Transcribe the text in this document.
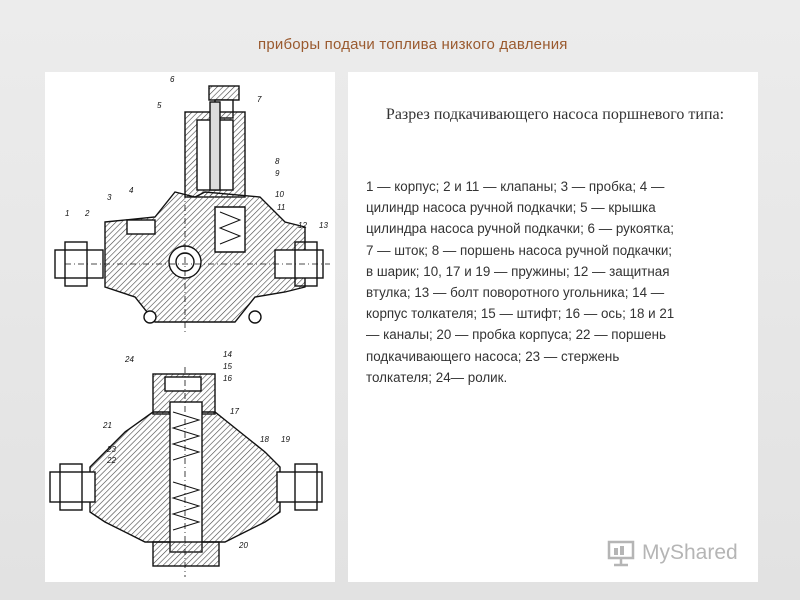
приборы подачи топлива низкого давления
6
5
7
8
9
10
11
12 13
1 2
3
4
24
14
15
16
17
18 19
21
23
22
20
Разрез подкачивающего насоса поршневого типа:
1 — корпус; 2 и 11 — клапаны; 3 — пробка; 4 —
цилиндр насоса ручной подкачки; 5 — крышка
цилиндра насоса ручной подкачки; 6 — рукоятка;
7 — шток; 8 — поршень насоса ручной подкачки;
в шарик; 10, 17 и 19 — пружины; 12 — защитная
втулка; 13 — болт поворотного угольника; 14 —
корпус толкателя; 15 — штифт; 16 — ось; 18 и 21
— каналы; 20 — пробка корпуса; 22 — поршень
подкачивающего насоса; 23 — стержень
толкателя; 24— ролик.
MyShared
